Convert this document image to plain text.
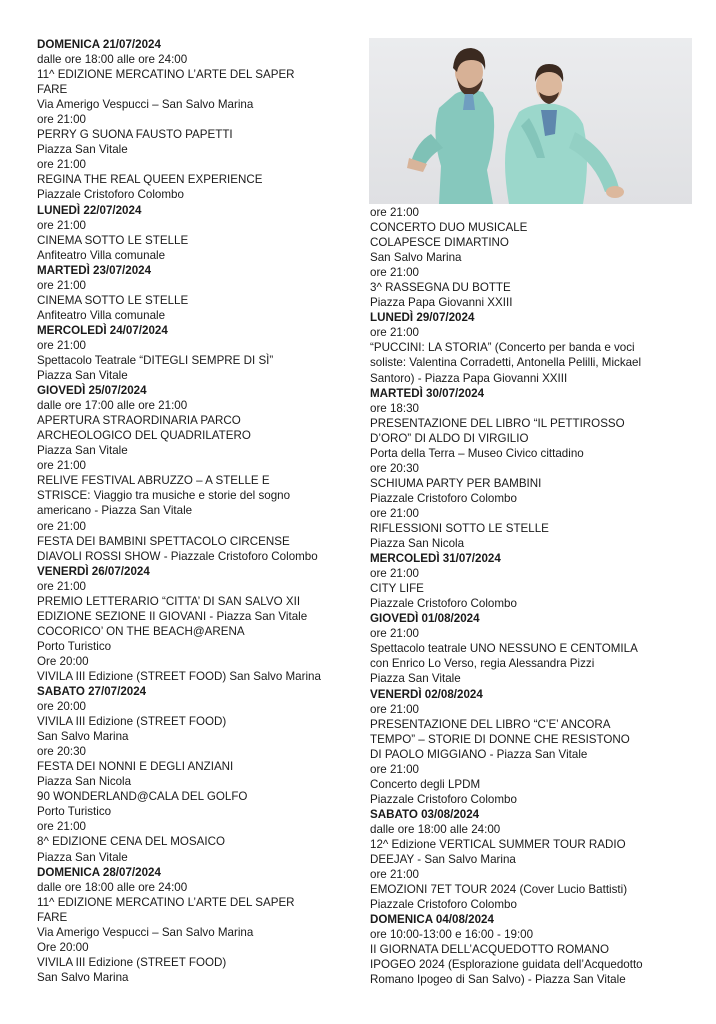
DOMENICA 21/07/2024
dalle ore 18:00 alle ore 24:00
11^ EDIZIONE MERCATINO L’ARTE DEL SAPER
FARE
Via Amerigo Vespucci – San Salvo Marina
ore 21:00
PERRY G SUONA FAUSTO PAPETTI
Piazza San Vitale
ore 21:00
REGINA THE REAL QUEEN EXPERIENCE
Piazzale Cristoforo Colombo
LUNEDÌ 22/07/2024
ore 21:00
CINEMA SOTTO LE STELLE
Anfiteatro Villa comunale
MARTEDÌ 23/07/2024
ore 21:00
CINEMA SOTTO LE STELLE
Anfiteatro Villa comunale
MERCOLEDÌ 24/07/2024
ore 21:00
Spettacolo Teatrale “DITEGLI SEMPRE DI SÌ”
Piazza San Vitale
GIOVEDÌ 25/07/2024
dalle ore 17:00 alle ore 21:00
APERTURA STRAORDINARIA PARCO
ARCHEOLOGICO DEL QUADRILATERO
Piazza San Vitale
ore 21:00
RELIVE FESTIVAL ABRUZZO – A STELLE E
STRISCE: Viaggio tra musiche e storie del sogno
americano - Piazza San Vitale
ore 21:00
FESTA DEI BAMBINI SPETTACOLO CIRCENSE
DIAVOLI ROSSI SHOW - Piazzale Cristoforo Colombo
VENERDÌ 26/07/2024
ore 21:00
PREMIO LETTERARIO “CITTA’ DI SAN SALVO XII
EDIZIONE SEZIONE II GIOVANI - Piazza San Vitale
COCORICO’ ON THE BEACH@ARENA
Porto Turistico
Ore 20:00
VIVILA III Edizione (STREET FOOD) San Salvo Marina
SABATO 27/07/2024
ore 20:00
VIVILA III Edizione (STREET FOOD)
San Salvo Marina
ore 20:30
FESTA DEI NONNI E DEGLI ANZIANI
Piazza San Nicola
90 WONDERLAND@CALA DEL GOLFO
Porto Turistico
ore 21:00
8^ EDIZIONE CENA DEL MOSAICO
Piazza San Vitale
DOMENICA 28/07/2024
dalle ore 18:00 alle ore 24:00
11^ EDIZIONE MERCATINO L’ARTE DEL SAPER
FARE
Via Amerigo Vespucci – San Salvo Marina
Ore 20:00
VIVILA III Edizione (STREET FOOD)
San Salvo Marina
ore 21:00
CONCERTO DUO MUSICALE
COLAPESCE DIMARTINO
San Salvo Marina
ore 21:00
3^ RASSEGNA DU BOTTE
Piazza Papa Giovanni XXIII
LUNEDÌ 29/07/2024
ore 21:00
“PUCCINI: LA STORIA” (Concerto per banda e voci
soliste: Valentina Corradetti, Antonella Pelilli, Mickael
Santoro) - Piazza Papa Giovanni XXIII
MARTEDÌ 30/07/2024
ore 18:30
PRESENTAZIONE DEL LIBRO “IL PETTIROSSO
D’ORO” DI ALDO DI VIRGILIO
Porta della Terra – Museo Civico cittadino
ore 20:30
SCHIUMA PARTY PER BAMBINI
Piazzale Cristoforo Colombo
ore 21:00
RIFLESSIONI SOTTO LE STELLE
Piazza San Nicola
MERCOLEDÌ 31/07/2024
ore 21:00
CITY LIFE
Piazzale Cristoforo Colombo
GIOVEDÌ 01/08/2024
ore 21:00
Spettacolo teatrale UNO NESSUNO E CENTOMILA
con Enrico Lo Verso, regia Alessandra Pizzi
Piazza San Vitale
VENERDÌ 02/08/2024
ore 21:00
PRESENTAZIONE DEL LIBRO “C’E’ ANCORA
TEMPO” – STORIE DI DONNE CHE RESISTONO
DI PAOLO MIGGIANO - Piazza San Vitale
ore 21:00
Concerto degli LPDM
Piazzale Cristoforo Colombo
SABATO 03/08/2024
dalle ore 18:00 alle 24:00
12^ Edizione VERTICAL SUMMER TOUR RADIO
DEEJAY - San Salvo Marina
ore 21:00
EMOZIONI 7ET TOUR 2024 (Cover Lucio Battisti)
Piazzale Cristoforo Colombo
DOMENICA 04/08/2024
ore 10:00-13:00 e 16:00 - 19:00
II GIORNATA DELL’ACQUEDOTTO ROMANO
IPOGEO 2024 (Esplorazione guidata dell’Acquedotto
Romano Ipogeo di San Salvo) - Piazza San Vitale
